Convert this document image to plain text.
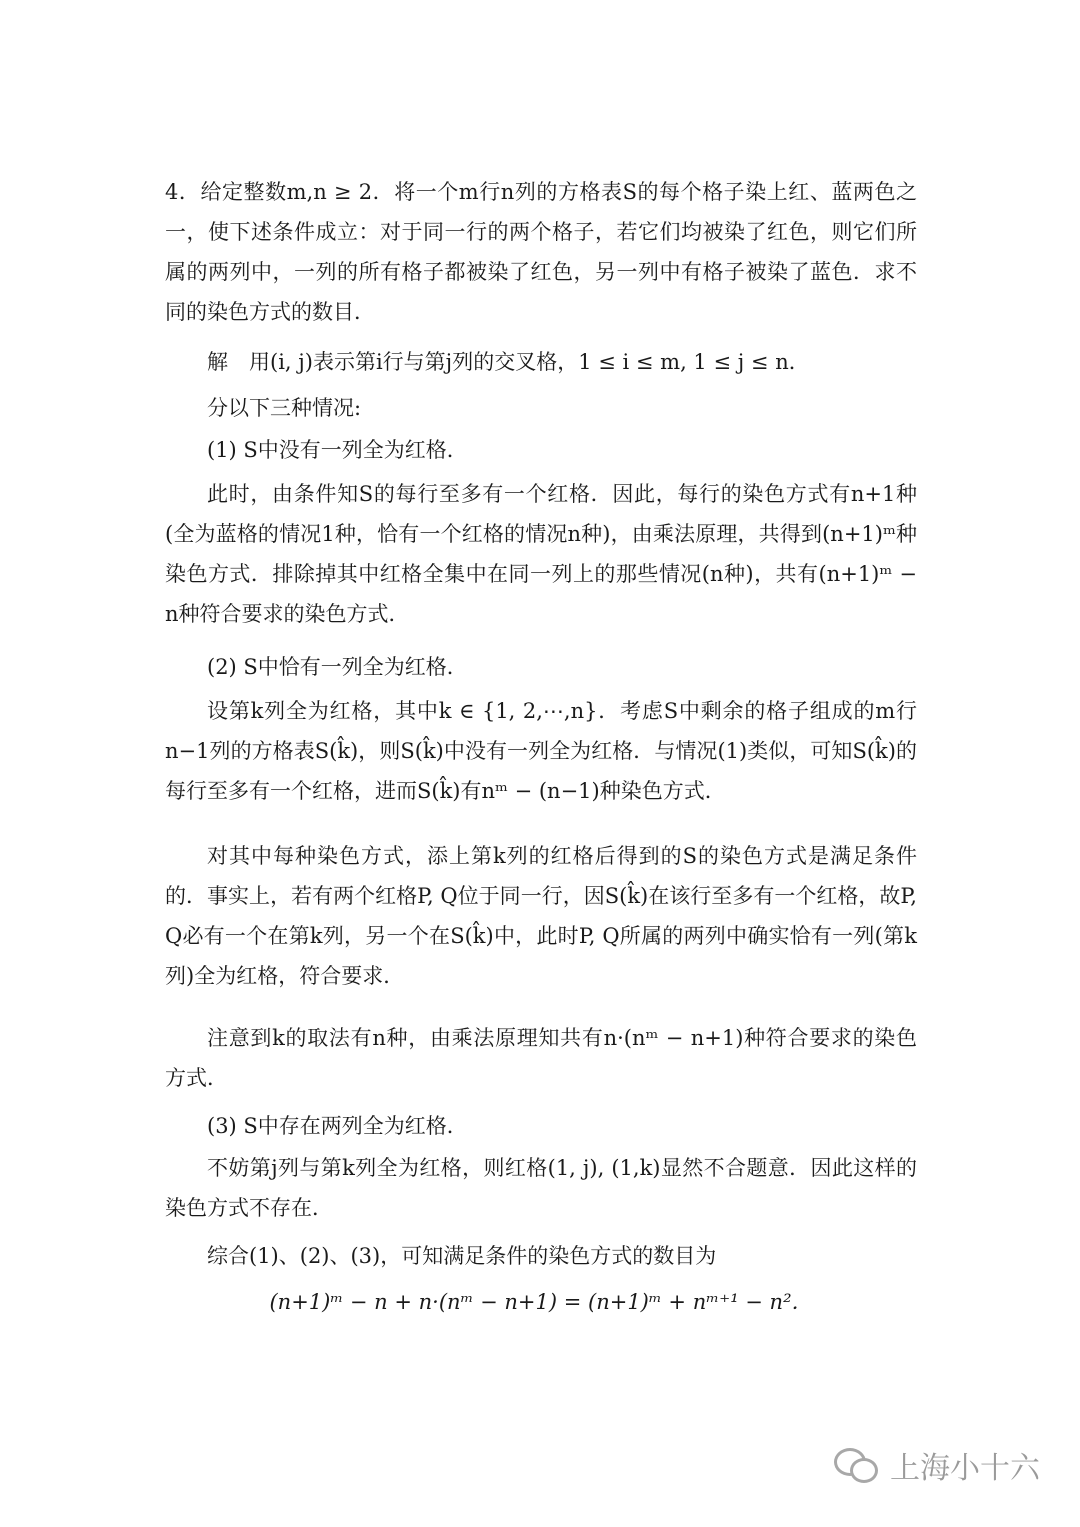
4．给定整数m,n ≥ 2．将一个m行n列的方格表S的每个格子染上红、蓝两色之一，使下述条件成立：对于同一行的两个格子，若它们均被染了红色，则它们所属的两列中，一列的所有格子都被染了红色，另一列中有格子被染了蓝色．求不同的染色方式的数目．

解　用(i, j)表示第i行与第j列的交叉格，1 ≤ i ≤ m, 1 ≤ j ≤ n．

分以下三种情况:

(1) S中没有一列全为红格．

此时，由条件知S的每行至多有一个红格．因此，每行的染色方式有n+1种(全为蓝格的情况1种，恰有一个红格的情况n种)，由乘法原理，共得到(n+1)ᵐ种染色方式．排除掉其中红格全集中在同一列上的那些情况(n种)，共有(n+1)ᵐ − n种符合要求的染色方式．

(2) S中恰有一列全为红格．

设第k列全为红格，其中k ∈ {1, 2,⋯,n}．考虑S中剩余的格子组成的m行n−1列的方格表S(k̂)，则S(k̂)中没有一列全为红格．与情况(1)类似，可知S(k̂)的每行至多有一个红格，进而S(k̂)有nᵐ − (n−1)种染色方式．

对其中每种染色方式，添上第k列的红格后得到的S的染色方式是满足条件的．事实上，若有两个红格P, Q位于同一行，因S(k̂)在该行至多有一个红格，故P, Q必有一个在第k列，另一个在S(k̂)中，此时P, Q所属的两列中确实恰有一列(第k列)全为红格，符合要求．

注意到k的取法有n种，由乘法原理知共有n·(nᵐ − n+1)种符合要求的染色方式．

(3) S中存在两列全为红格．

不妨第j列与第k列全为红格，则红格(1, j), (1,k)显然不合题意．因此这样的染色方式不存在．

综合(1)、(2)、(3)，可知满足条件的染色方式的数目为

(n+1)ᵐ − n + n·(nᵐ − n+1) = (n+1)ᵐ + nᵐ⁺¹ − n²．

上海小十六
